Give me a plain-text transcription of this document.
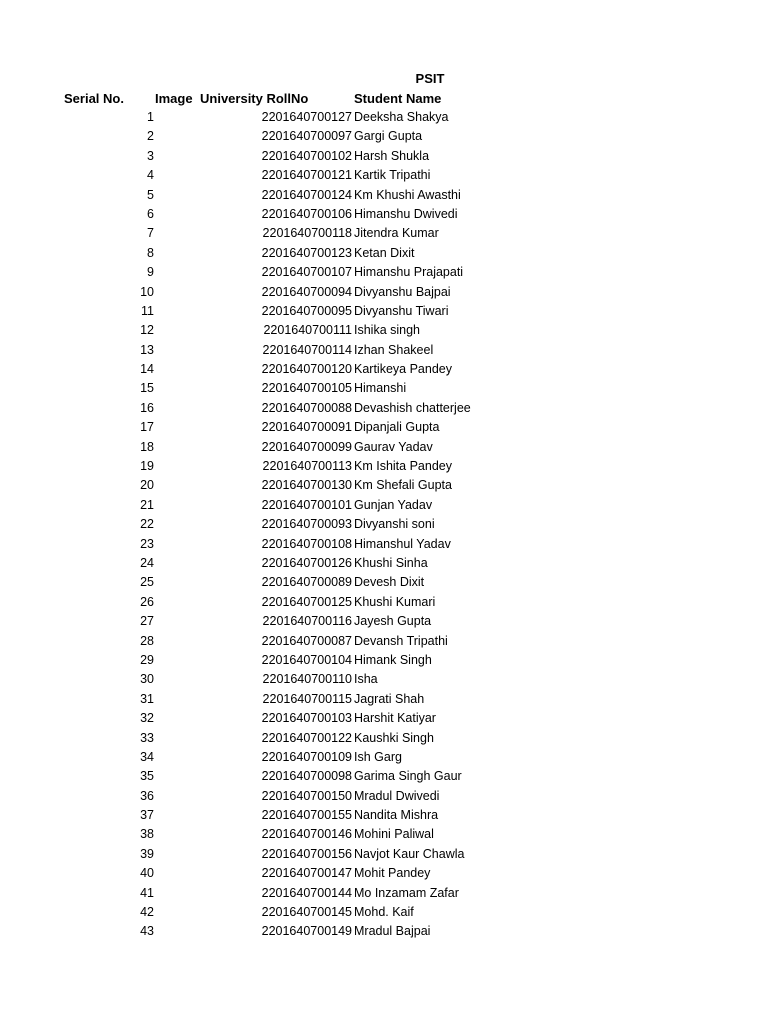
PSIT
Serial No. Image University RollNo	Student Name
1	2201640700127 Deeksha Shakya
2	2201640700097 Gargi Gupta
3	2201640700102 Harsh Shukla
4	2201640700121 Kartik Tripathi
5	2201640700124 Km Khushi Awasthi
6	2201640700106 Himanshu Dwivedi
7	2201640700118 Jitendra Kumar
8	2201640700123 Ketan Dixit
9	2201640700107 Himanshu Prajapati
10	2201640700094 Divyanshu Bajpai
11	2201640700095 Divyanshu Tiwari
12	2201640700111 Ishika singh
13	2201640700114 Izhan Shakeel
14	2201640700120 Kartikeya Pandey
15	2201640700105 Himanshi
16	2201640700088 Devashish chatterjee
17	2201640700091 Dipanjali Gupta
18	2201640700099 Gaurav Yadav
19	2201640700113 Km Ishita Pandey
20	2201640700130 Km Shefali Gupta
21	2201640700101 Gunjan Yadav
22	2201640700093 Divyanshi soni
23	2201640700108 Himanshul Yadav
24	2201640700126 Khushi Sinha
25	2201640700089 Devesh Dixit
26	2201640700125 Khushi Kumari
27	2201640700116 Jayesh Gupta
28	2201640700087 Devansh Tripathi
29	2201640700104 Himank Singh
30	2201640700110 Isha
31	2201640700115 Jagrati Shah
32	2201640700103 Harshit Katiyar
33	2201640700122 Kaushki Singh
34	2201640700109 Ish Garg
35	2201640700098 Garima Singh Gaur
36	2201640700150 Mradul Dwivedi
37	2201640700155 Nandita Mishra
38	2201640700146 Mohini Paliwal
39	2201640700156 Navjot Kaur Chawla
40	2201640700147 Mohit Pandey
41	2201640700144 Mo Inzamam Zafar
42	2201640700145 Mohd. Kaif
43	2201640700149 Mradul Bajpai
